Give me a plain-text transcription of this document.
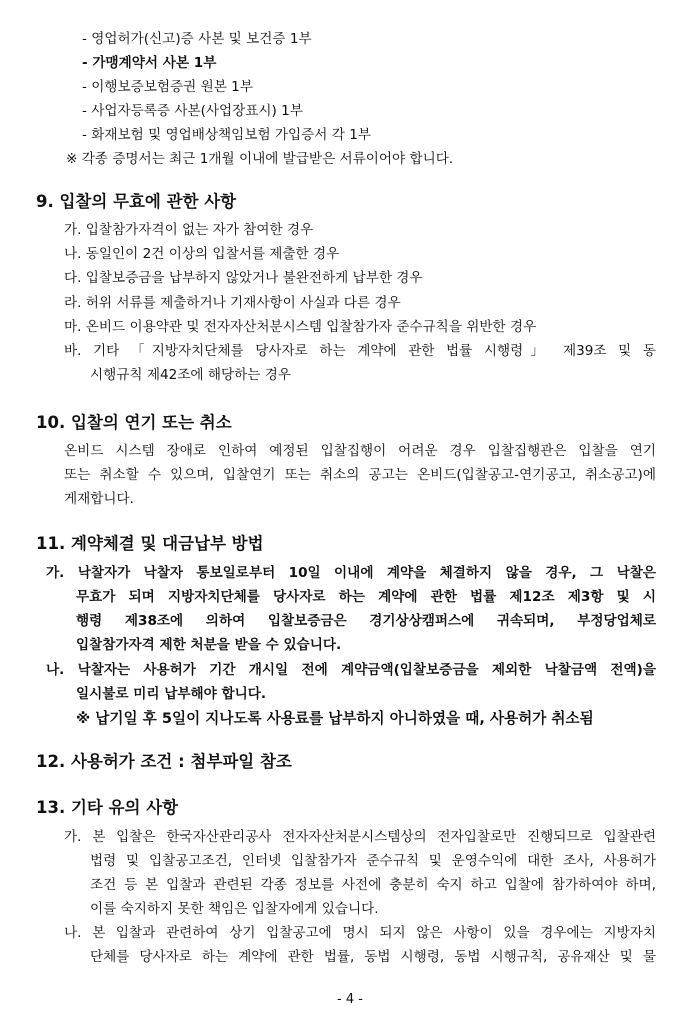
- 영업허가(신고)증 사본 및 보건증 1부
- 가맹계약서 사본 1부
- 이행보증보험증권 원본 1부
- 사업자등록증 사본(사업장표시) 1부
- 화재보험 및 영업배상책임보험 가입증서 각 1부
※ 각종 증명서는 최근 1개월 이내에 발급받은 서류이어야 합니다.
9. 입찰의 무효에 관한 사항
가. 입찰참가자격이 없는 자가 참여한 경우
나. 동일인이 2건 이상의 입찰서를 제출한 경우
다. 입찰보증금을 납부하지 않았거나 불완전하게 납부한 경우
라. 허위 서류를 제출하거나 기재사항이 사실과 다른 경우
마. 온비드 이용약관 및 전자자산처분시스템 입찰참가자 준수규칙을 위반한 경우
바. 기타 「지방자치단체를 당사자로 하는 계약에 관한 법률 시행령」 제39조 및 동
시행규칙 제42조에 해당하는 경우
10. 입찰의 연기 또는 취소
온비드 시스템 장애로 인하여 예정된 입찰집행이 어려운 경우 입찰집행관은 입찰을 연기
또는 취소할 수 있으며, 입찰연기 또는 취소의 공고는 온비드(입찰공고-연기공고, 취소공고)에
게재합니다.
11. 계약체결 및 대금납부 방법
가. 낙찰자가 낙찰자 통보일로부터 10일 이내에 계약을 체결하지 않을 경우, 그 낙찰은
무효가 되며 지방자치단체를 당사자로 하는 계약에 관한 법률 제12조 제3항 및 시
행령 제38조에 의하여 입찰보증금은 경기상상캠퍼스에 귀속되며, 부정당업체로
입찰참가자격 제한 처분을 받을 수 있습니다.
나. 낙찰자는 사용허가 기간 개시일 전에 계약금액(입찰보증금을 제외한 낙찰금액 전액)을
일시불로 미리 납부해야 합니다.
※ 납기일 후 5일이 지나도록 사용료를 납부하지 아니하였을 때, 사용허가 취소됨
12. 사용허가 조건 : 첨부파일 참조
13. 기타 유의 사항
가. 본 입찰은 한국자산관리공사 전자자산처분시스템상의 전자입찰로만 진행되므로 입찰관련
법령 및 입찰공고조건, 인터넷 입찰참가자 준수규칙 및 운영수익에 대한 조사, 사용허가
조건 등 본 입찰과 관련된 각종 정보를 사전에 충분히 숙지 하고 입찰에 참가하여야 하며,
이를 숙지하지 못한 책임은 입찰자에게 있습니다.
나. 본 입찰과 관련하여 상기 입찰공고에 명시 되지 않은 사항이 있을 경우에는 지방자치
단체를 당사자로 하는 계약에 관한 법률, 동법 시행령, 동법 시행규칙, 공유재산 및 물
- 4 -
